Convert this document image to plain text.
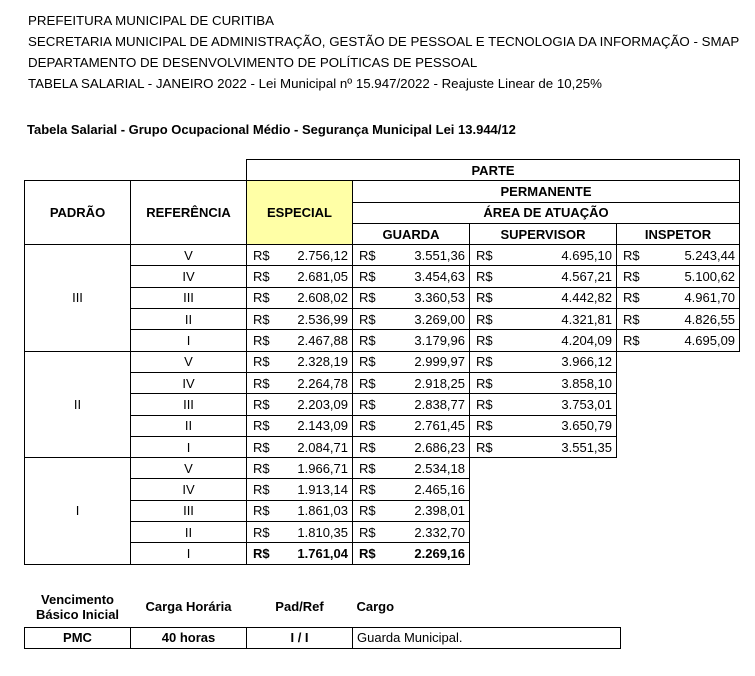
PREFEITURA MUNICIPAL DE CURITIBA
SECRETARIA MUNICIPAL DE ADMINISTRAÇÃO, GESTÃO DE PESSOAL E TECNOLOGIA DA INFORMAÇÃO - SMAP
DEPARTAMENTO DE DESENVOLVIMENTO DE POLÍTICAS DE PESSOAL
TABELA SALARIAL - JANEIRO 2022 - Lei Municipal nº 15.947/2022 - Reajuste Linear de 10,25%
Tabela Salarial - Grupo Ocupacional Médio - Segurança Municipal Lei 13.944/12
		PARTE			
PADRÃO	REFERÊNCIA	ESPECIAL	PERMANENTE		
			ÁREA DE ATUAÇÃO		
			GUARDA	SUPERVISOR	INSPETOR
III	V	R$ 2.756,12	R$ 3.551,36	R$ 4.695,10	R$ 5.243,44

	IV	R$ 2.681,05	R$ 3.454,63	R$ 4.567,21	R$ 5.100,62

	III	R$ 2.608,02	R$ 3.360,53	R$ 4.442,82	R$ 4.961,70

	II	R$ 2.536,99	R$ 3.269,00	R$ 4.321,81	R$ 4.826,55

	I	R$ 2.467,88	R$ 3.179,96	R$ 4.204,09	R$ 4.695,09

II	V	R$ 2.328,19	R$ 2.999,97	R$ 3.966,12	

	IV	R$ 2.264,78	R$ 2.918,25	R$ 3.858,10	

	III	R$ 2.203,09	R$ 2.838,77	R$ 3.753,01	

	II	R$ 2.143,09	R$ 2.761,45	R$ 3.650,79	

	I	R$ 2.084,71	R$ 2.686,23	R$ 3.551,35	

I	V	R$ 1.966,71	R$ 2.534,18		

	IV	R$ 1.913,14	R$ 2.465,16		

	III	R$ 1.861,03	R$ 2.398,01		

	II	R$ 1.810,35	R$ 2.332,70		

	I	R$ 1.761,04	R$ 2.269,16		

Vencimento
Básico Inicial	Carga Horária	Pad/Ref	Cargo
PMC	40 horas	I / I	Guarda Municipal.
